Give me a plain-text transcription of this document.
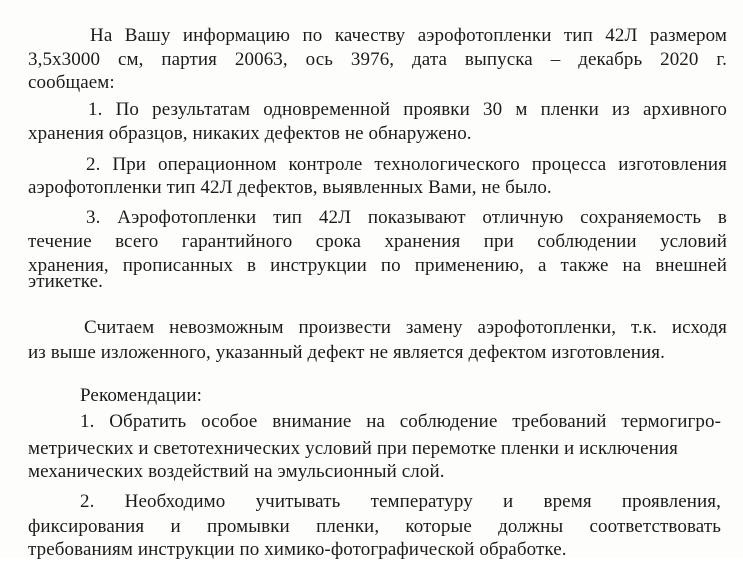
На Вашу информацию по качеству аэрофотопленки тип 42Л размером
3,5х3000 см, партия 20063, ось 3976, дата выпуска – декабрь 2020 г.
сообщаем:
1. По результатам одновременной проявки 30 м пленки из архивного
хранения образцов, никаких дефектов не обнаружено.
2. При операционном контроле технологического процесса изготовления
аэрофотопленки тип 42Л дефектов, выявленных Вами, не было.
3. Аэрофотопленки тип 42Л показывают отличную сохраняемость в
течение всего гарантийного срока хранения при соблюдении условий
хранения, прописанных в инструкции по применению, а также на внешней
этикетке.
Считаем невозможным произвести замену аэрофотопленки, т.к. исходя
из выше изложенного, указанный дефект не является дефектом изготовления.
Рекомендации:
1. Обратить особое внимание на соблюдение требований термогигро-
метрических и светотехнических условий при перемотке пленки и исключения
механических воздействий на эмульсионный слой.
2. Необходимо учитывать температуру и время проявления,
фиксирования и промывки пленки, которые должны соответствовать
требованиям инструкции по химико-фотографической обработке.
